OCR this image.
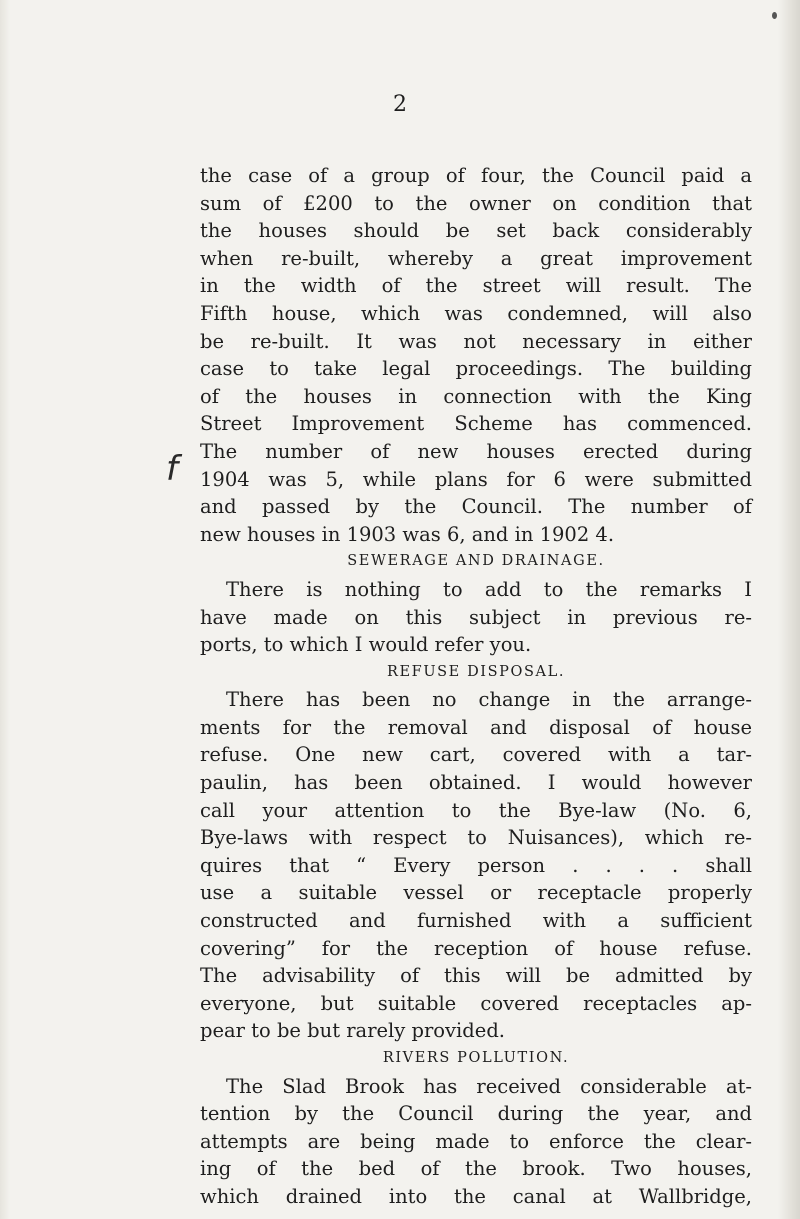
2
f

the case of a group of four, the Council paid a

sum of £200 to the owner on condition that

the houses should be set back considerably

when re-built, whereby a great improvement

in the width of the street will result. The

Fifth house, which was condemned, will also

be re-built. It was not necessary in either

case to take legal proceedings. The building

of the houses in connection with the King

Street Improvement Scheme has commenced.

The number of new houses erected during

1904 was 5, while plans for 6 were submitted

and passed by the Council. The number of

new houses in 1903 was 6, and in 1902 4.

SEWERAGE AND DRAINAGE.

There is nothing to add to the remarks I

have made on this subject in previous re-

ports, to which I would refer you.

REFUSE DISPOSAL.

There has been no change in the arrange-

ments for the removal and disposal of house

refuse. One new cart, covered with a tar-

paulin, has been obtained. I would however

call your attention to the Bye-law (No. 6,

Bye-laws with respect to Nuisances), which re-

quires that “ Every person . . . . shall

use a suitable vessel or receptacle properly

constructed and furnished with a sufficient

covering” for the reception of house refuse.

The advisability of this will be admitted by

everyone, but suitable covered receptacles ap-

pear to be but rarely provided.

RIVERS POLLUTION.

The Slad Brook has received considerable at-

tention by the Council during the year, and

attempts are being made to enforce the clear-

ing of the bed of the brook. Two houses,

which drained into the canal at Wallbridge,
